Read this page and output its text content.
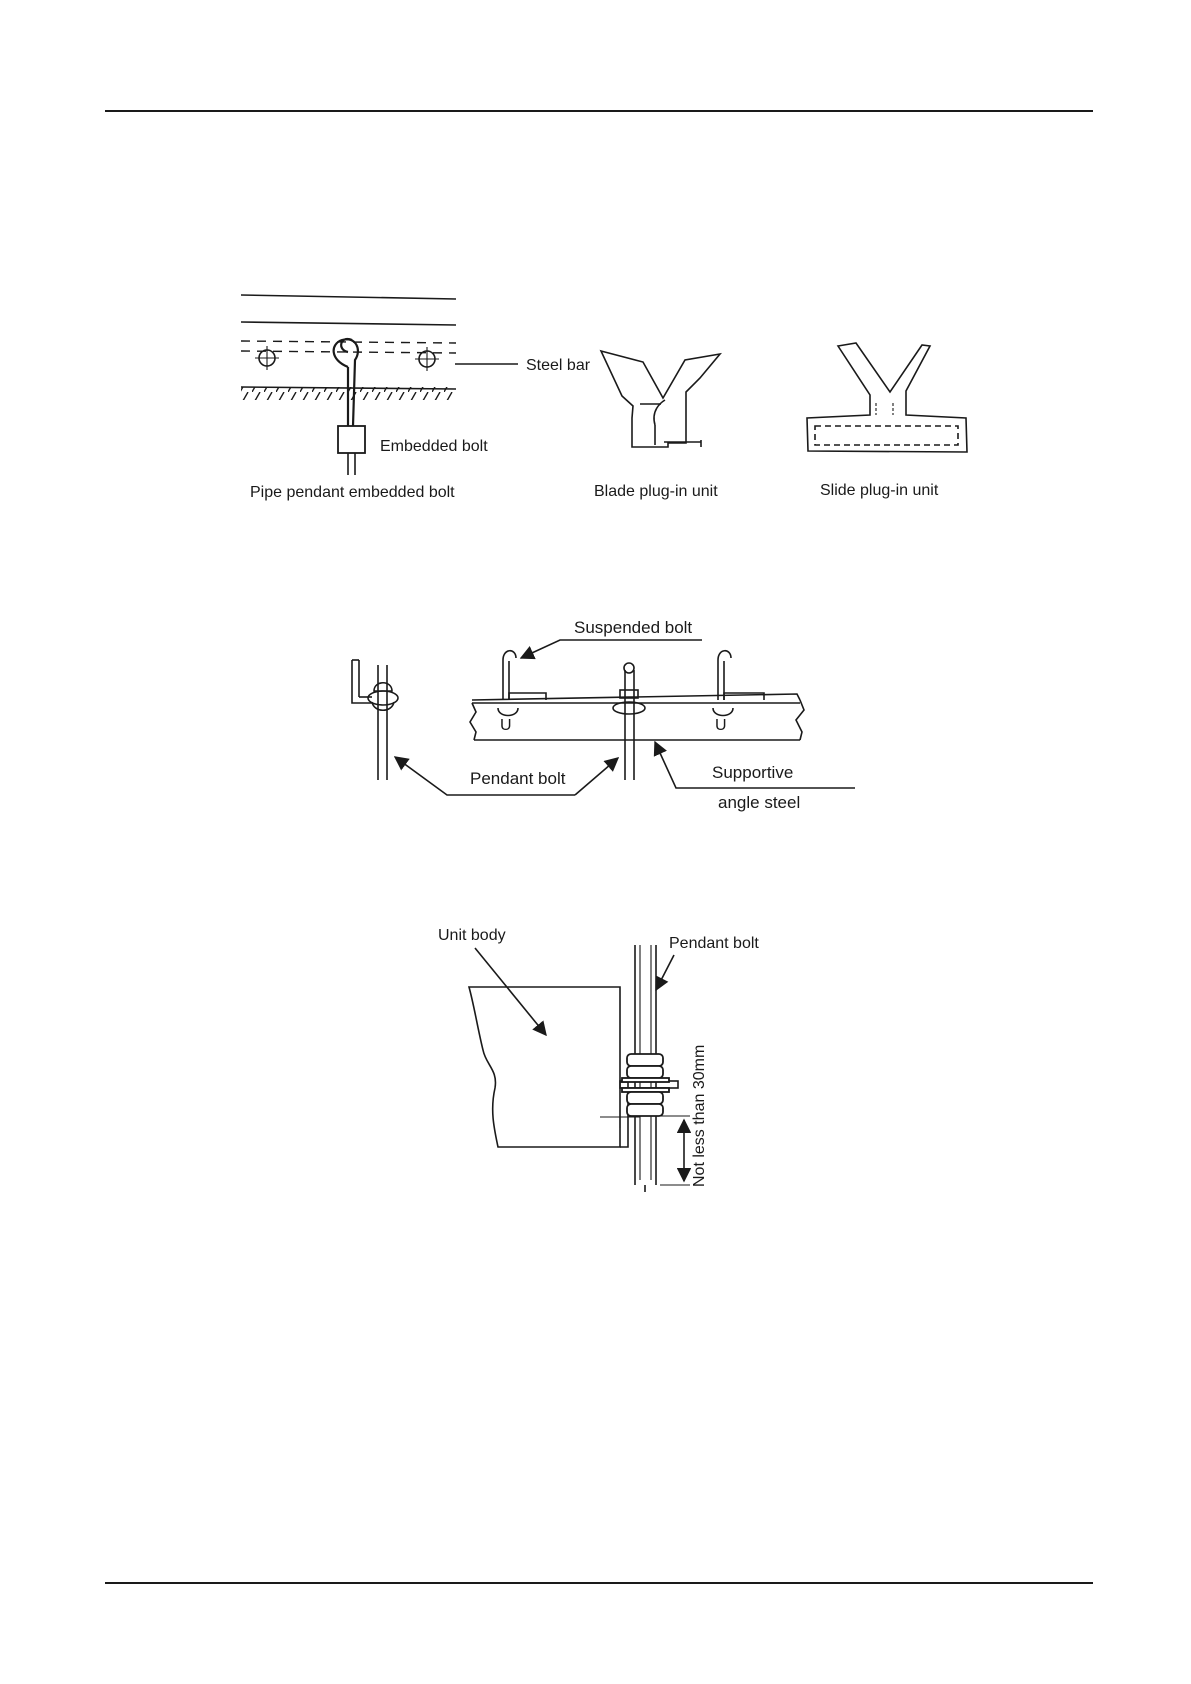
Steel bar
Embedded bolt
Pipe pendant embedded bolt	Blade plug-in unit	Slide plug-in unit
U	U
Suspended bolt
Pendant bolt	Supportive
angle steel
Not less than 30mm
Unit body	Pendant bolt
